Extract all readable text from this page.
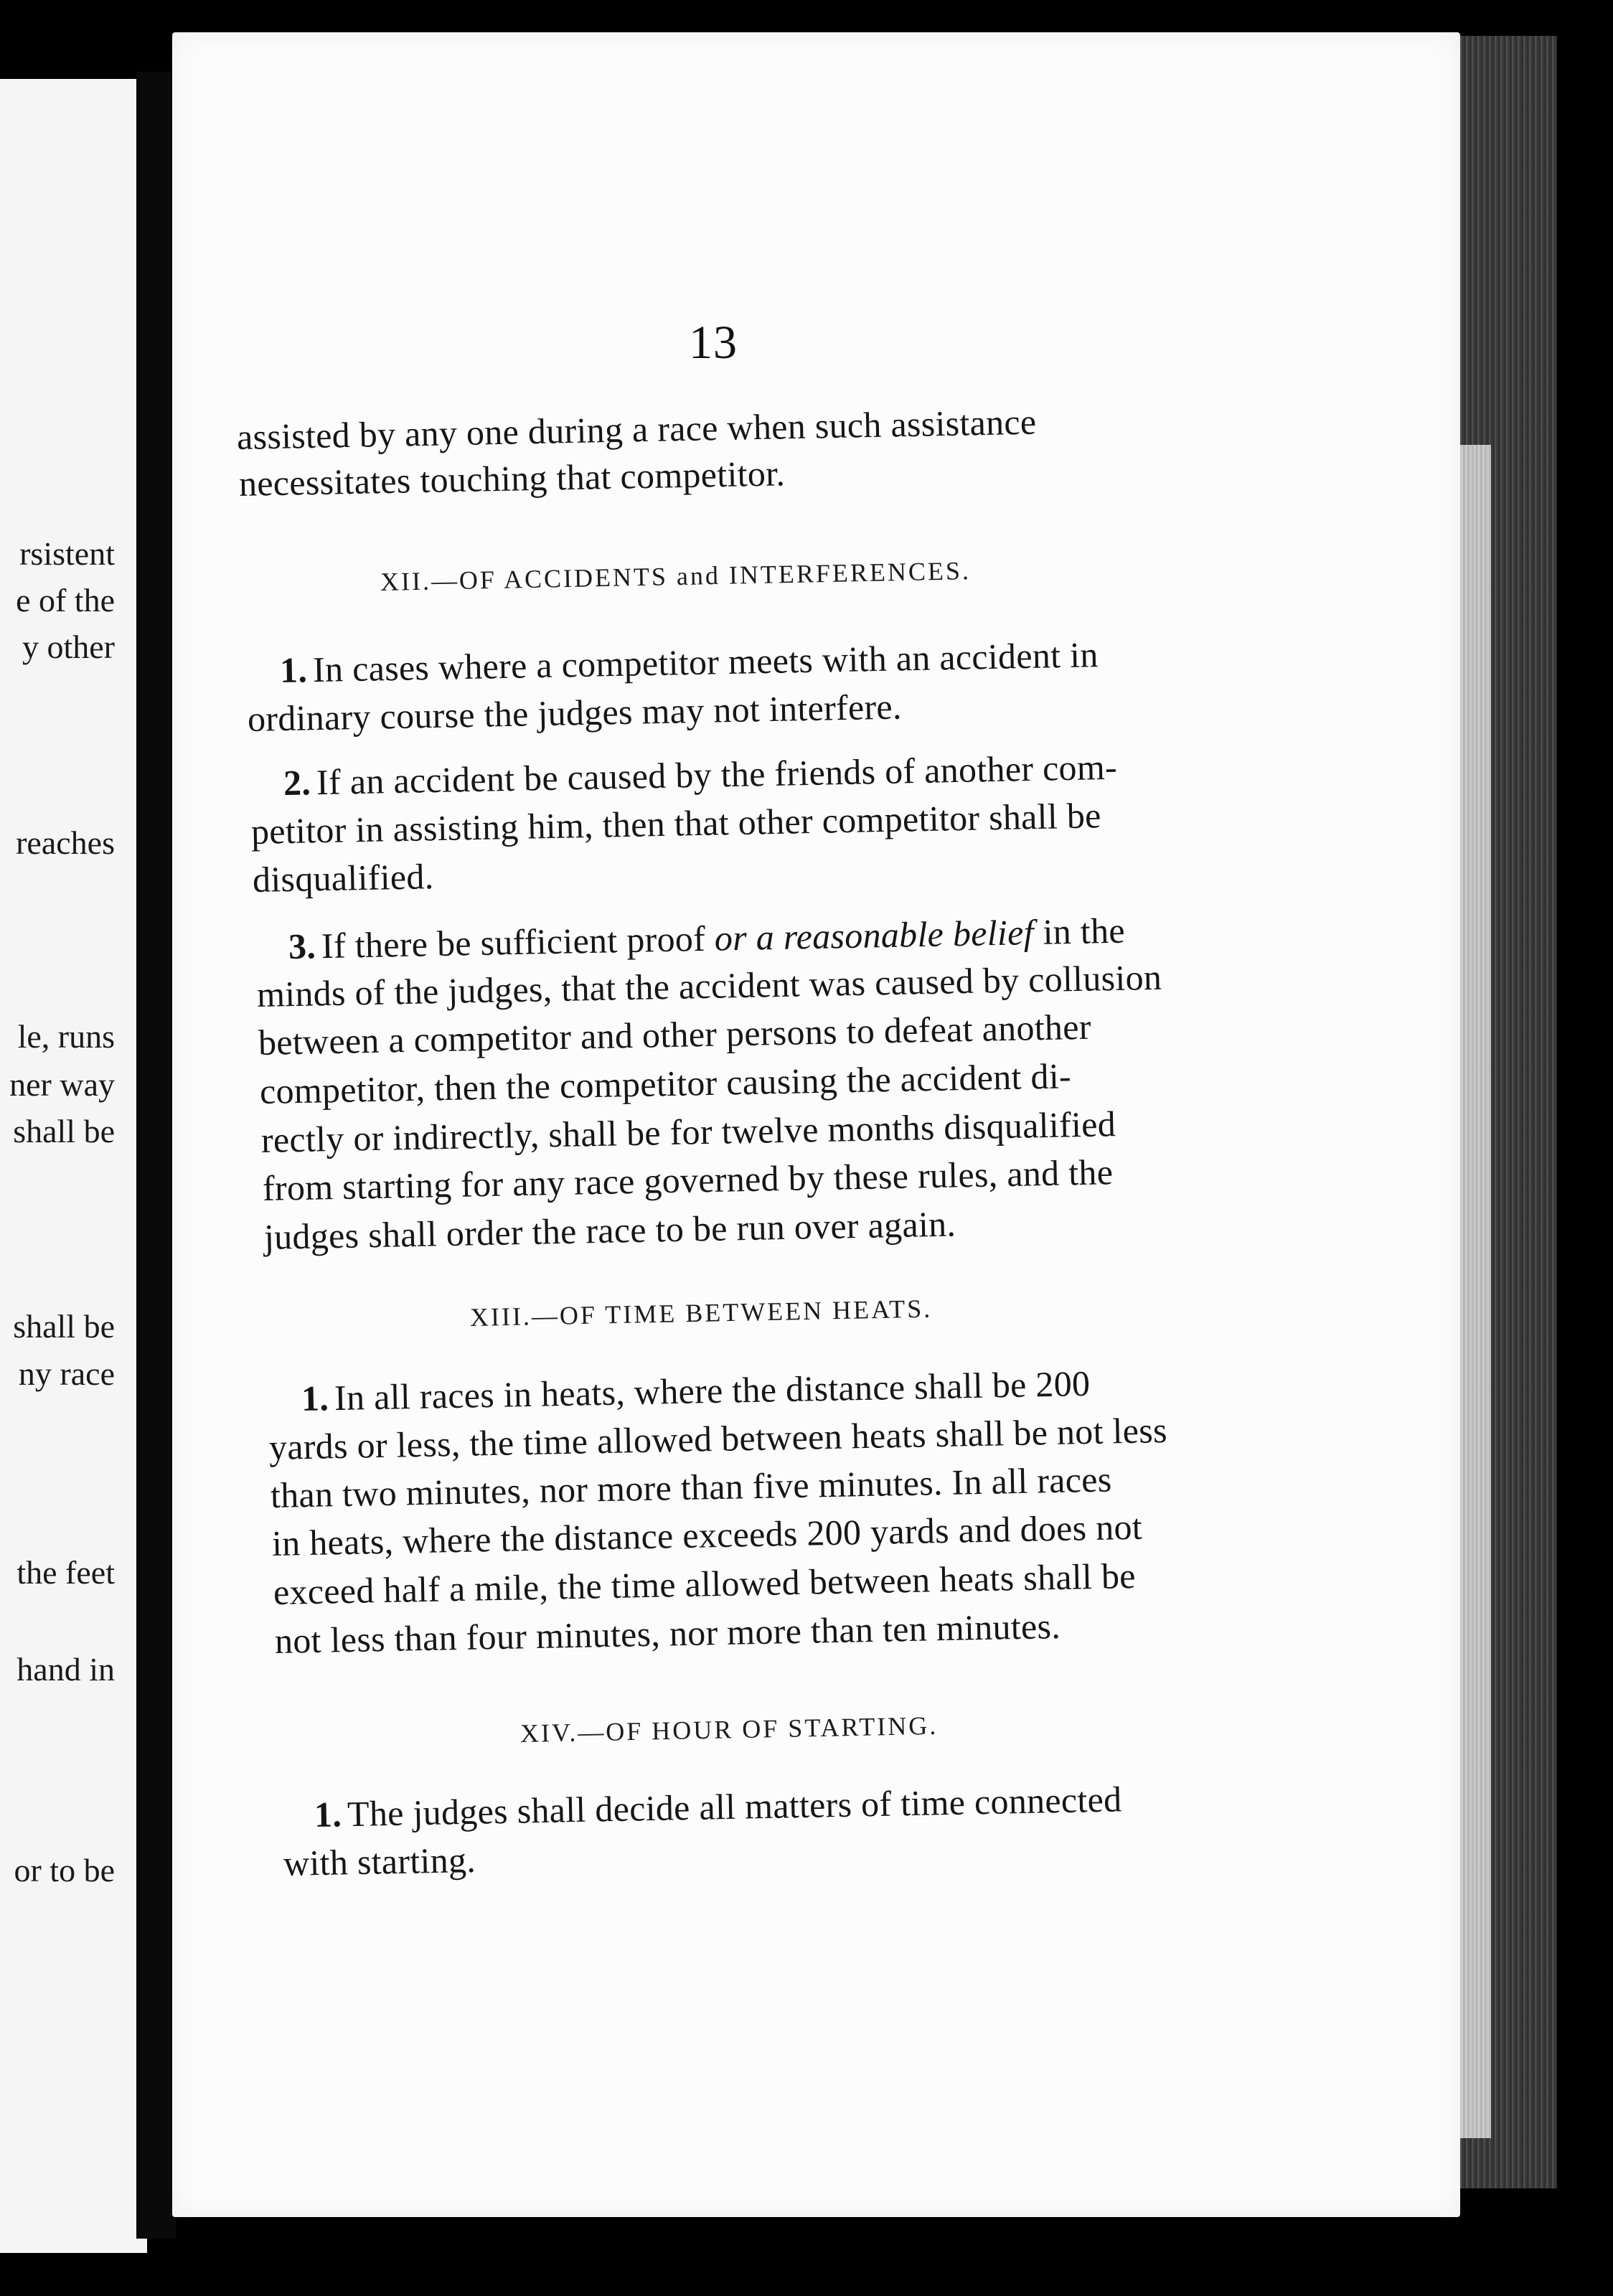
rsistent
e of the
y other
reaches
le, runs
ner way
shall be
shall be
ny race
the feet
hand in
or to be
13
assisted by any one during a race when such assistance
necessitates touching that competitor.
XII.—OF ACCIDENTS and INTERFERENCES.
1. In cases where a competitor meets with an accident in
ordinary course the judges may not interfere.
2. If an accident be caused by the friends of another com-
petitor in assisting him, then that other competitor shall be
disqualified.
3. If there be sufficient proof or a reasonable belief in the
minds of the judges, that the accident was caused by collusion
between a competitor and other persons to defeat another
competitor, then the competitor causing the accident di-
rectly or indirectly, shall be for twelve months disqualified
from starting for any race governed by these rules, and the
judges shall order the race to be run over again.
XIII.—OF TIME BETWEEN HEATS.
1. In all races in heats, where the distance shall be 200
yards or less, the time allowed between heats shall be not less
than two minutes, nor more than five minutes. In all races
in heats, where the distance exceeds 200 yards and does not
exceed half a mile, the time allowed between heats shall be
not less than four minutes, nor more than ten minutes.
XIV.—OF HOUR OF STARTING.
1. The judges shall decide all matters of time connected
with starting.
